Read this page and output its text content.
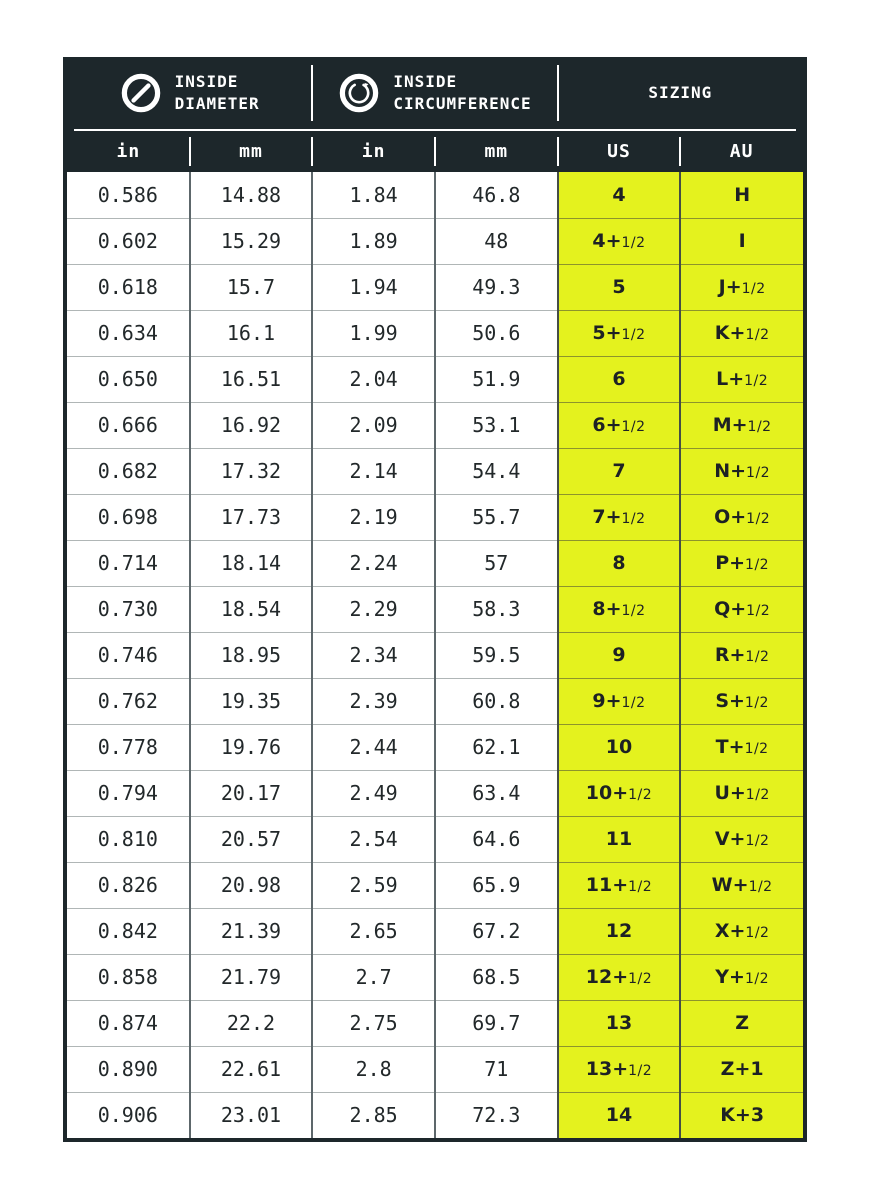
INSIDE
DIAMETER
INSIDE
CIRCUMFERENCE
SIZING
in	mm	in	mm	US	AU
0.586	14.88	1.84	46.8	4	H
0.602	15.29	1.89	48	4+1/2	I
0.618	15.7	1.94	49.3	5	J+1/2
0.634	16.1	1.99	50.6	5+1/2	K+1/2
0.650	16.51	2.04	51.9	6	L+1/2
0.666	16.92	2.09	53.1	6+1/2	M+1/2
0.682	17.32	2.14	54.4	7	N+1/2
0.698	17.73	2.19	55.7	7+1/2	O+1/2
0.714	18.14	2.24	57	8	P+1/2
0.730	18.54	2.29	58.3	8+1/2	Q+1/2
0.746	18.95	2.34	59.5	9	R+1/2
0.762	19.35	2.39	60.8	9+1/2	S+1/2
0.778	19.76	2.44	62.1	10	T+1/2
0.794	20.17	2.49	63.4	10+1/2	U+1/2
0.810	20.57	2.54	64.6	11	V+1/2
0.826	20.98	2.59	65.9	11+1/2	W+1/2
0.842	21.39	2.65	67.2	12	X+1/2
0.858	21.79	2.7	68.5	12+1/2	Y+1/2
0.874	22.2	2.75	69.7	13	Z
0.890	22.61	2.8	71	13+1/2	Z+1
0.906	23.01	2.85	72.3	14	K+3
